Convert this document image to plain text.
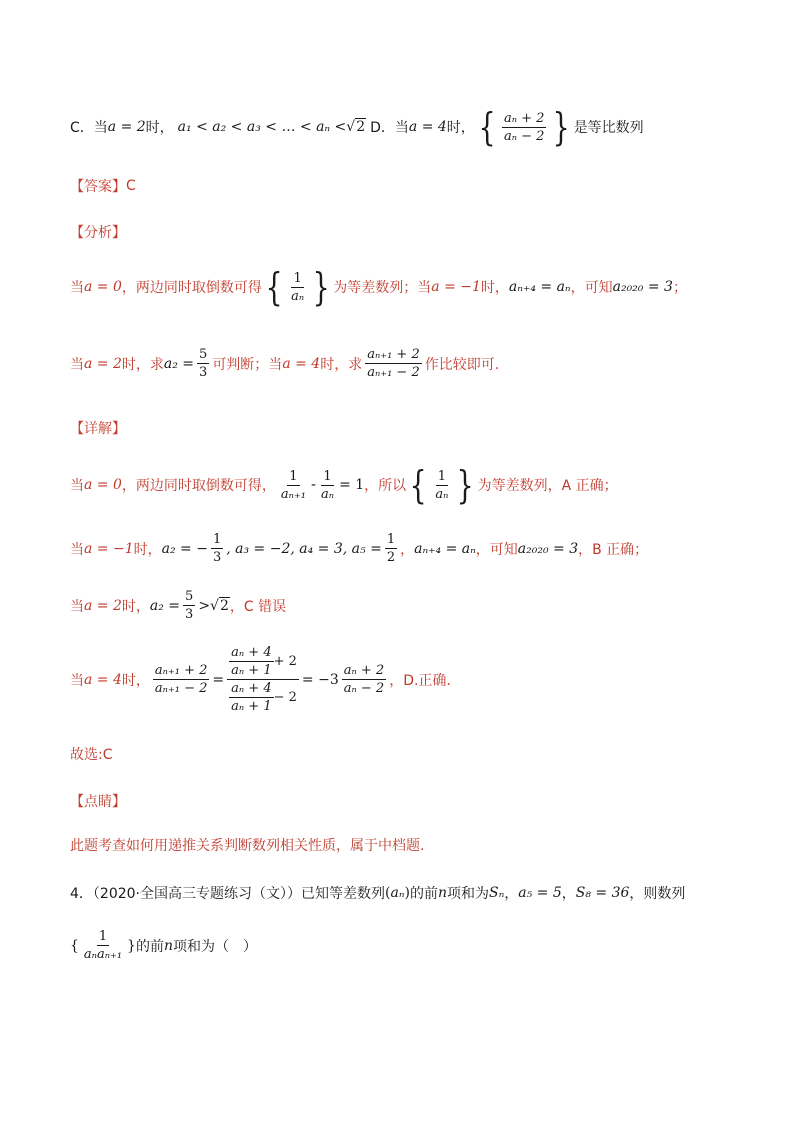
C．当 a = 2 时， a₁ < a₂ < a₃ < … < aₙ < √2 D．当 a = 4 时， { $\frac{\text{aₙ + 2}}{\text{aₙ − 2}}$ } 是等比数列
【答案】 C
【分析】
当 a = 0 ，两边同时取倒数可得 { $\frac{1}{\text{aₙ}}$ } 为等差数列；当 a = −1 时， aₙ₊₄ = aₙ ，可知 a₂₀₂₀ = 3 ；
当 a = 2 时，求 $a_2 = \frac{5}{3}$ 可判断；当 a = 4 时，求 $\frac{\text{aₙ₊₁ + 2}}{\text{aₙ₊₁ − 2}}$ 作比较即可.
【详解】
当 a = 0 ，两边同时取倒数可得， $\frac{1}{\text{aₙ₊₁}} - \frac{1}{\text{aₙ}} = 1$ ，所以 { $\frac{1}{\text{aₙ}}$ } 为等差数列， A 正确；
当 a = −1 时， a₂ = − $\frac{1}{3}$ , a₃ = −2, a₄ = 3, $a_5 = \frac{1}{2}$ ， aₙ₊₄ = aₙ ，可知 a₂₀₂₀ = 3 ，B 正确；
当 a = 2 时， $a_2 = \frac{5}{3} > √2$ ，C 错误
当 a = 4 时， $\frac{\text{aₙ₊₁ + 2}}{\text{aₙ₊₁ − 2}} = \frac{\frac{\text{aₙ + 4}}{\text{aₙ + 1}} + 2}{\frac{\text{aₙ + 4}}{\text{aₙ + 1}} - 2} = -3 \frac{\text{aₙ + 2}}{\text{aₙ − 2}}$ ， D.正确.
故选:C
【点睛】
此题考查如何用递推关系判断数列相关性质，属于中档题.
4．（2020·全国高三专题练习（文））已知等差数列 ( aₙ ) 的前 n 项和为 Sₙ ， a₅ = 5 ， S₈ = 36 ，则数列
{ $\frac{1}{\text{aₙaₙ₊₁}}$ } 的前 n 项和为（　）
